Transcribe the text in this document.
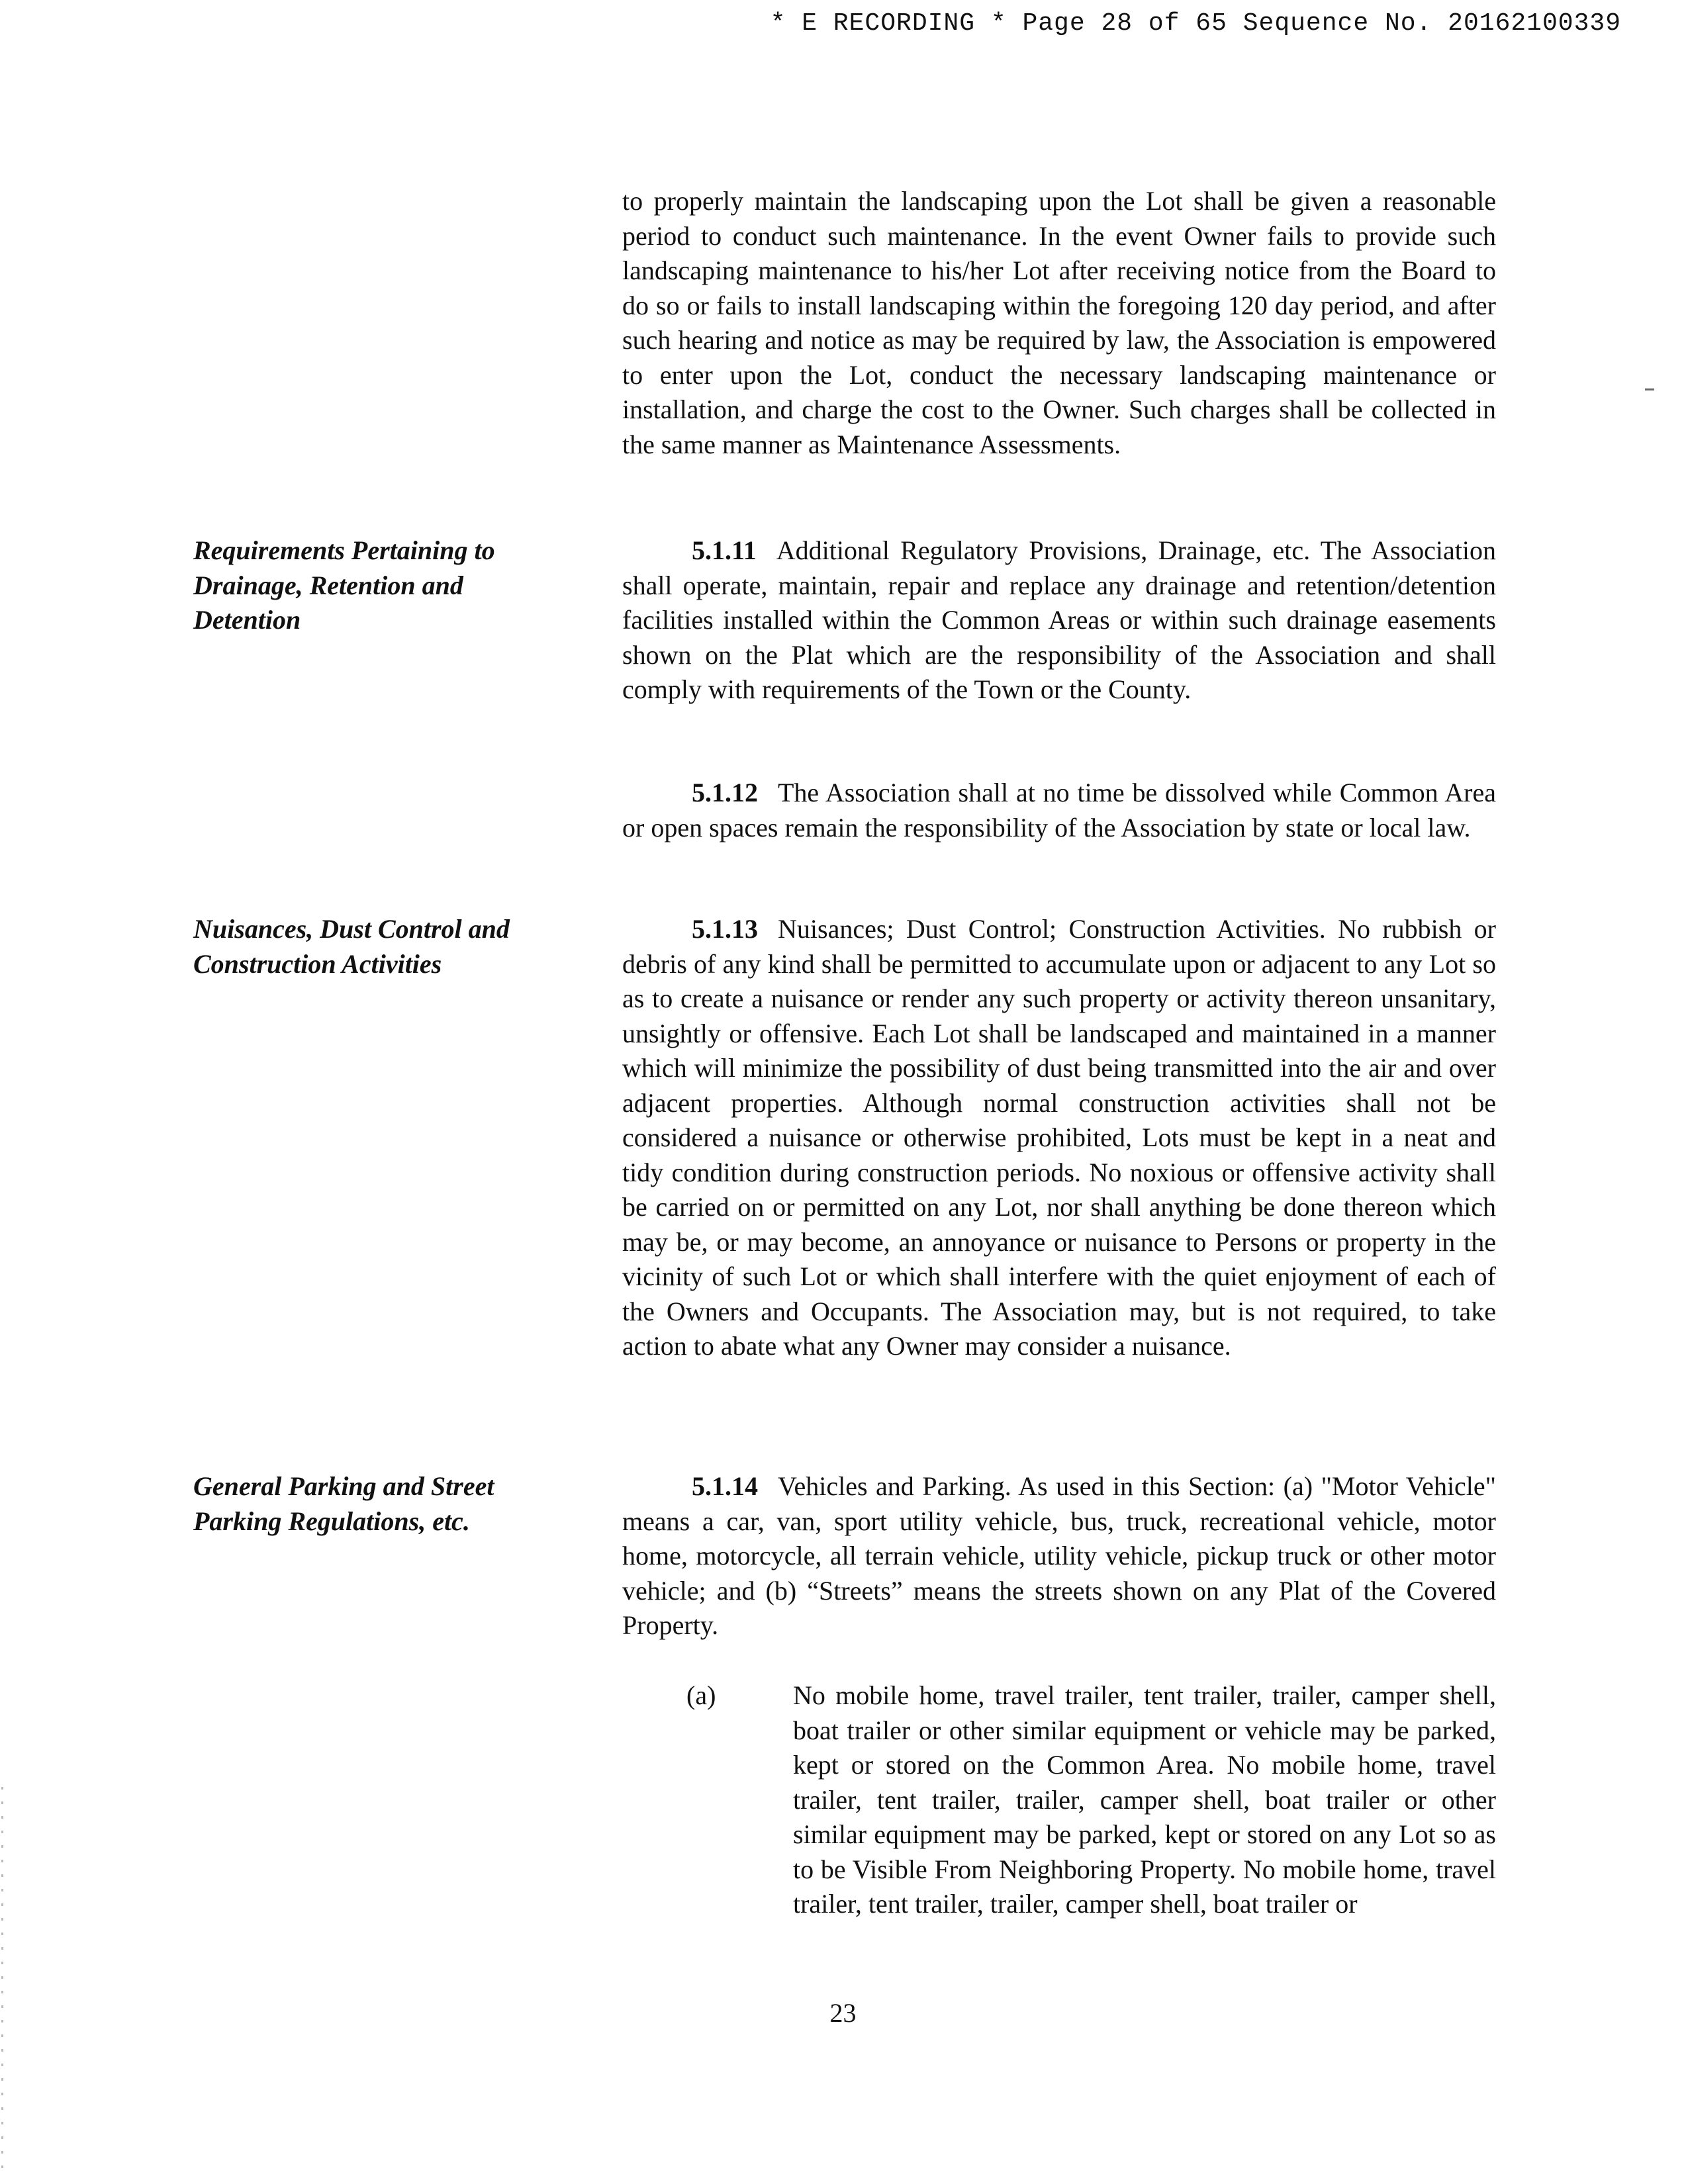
* E RECORDING * Page 28 of 65 Sequence No. 20162100339

to properly maintain the landscaping upon the Lot shall be given a reasonable period to conduct such maintenance. In the event Owner fails to provide such landscaping maintenance to his/her Lot after receiving notice from the Board to do so or fails to install landscaping within the foregoing 120 day period, and after such hearing and notice as may be required by law, the Association is empowered to enter upon the Lot, conduct the necessary landscaping maintenance or installation, and charge the cost to the Owner. Such charges shall be collected in the same manner as Maintenance Assessments.

Requirements Pertaining to Drainage, Retention and Detention

5.1.11 Additional Regulatory Provisions, Drainage, etc. The Association shall operate, maintain, repair and replace any drainage and retention/detention facilities installed within the Common Areas or within such drainage easements shown on the Plat which are the responsibility of the Association and shall comply with requirements of the Town or the County.

5.1.12 The Association shall at no time be dissolved while Common Area or open spaces remain the responsibility of the Association by state or local law.

Nuisances, Dust Control and Construction Activities

5.1.13 Nuisances; Dust Control; Construction Activities. No rubbish or debris of any kind shall be permitted to accumulate upon or adjacent to any Lot so as to create a nuisance or render any such property or activity thereon unsanitary, unsightly or offensive. Each Lot shall be landscaped and maintained in a manner which will minimize the possibility of dust being transmitted into the air and over adjacent properties. Although normal construction activities shall not be considered a nuisance or otherwise prohibited, Lots must be kept in a neat and tidy condition during construction periods. No noxious or offensive activity shall be carried on or permitted on any Lot, nor shall anything be done thereon which may be, or may become, an annoyance or nuisance to Persons or property in the vicinity of such Lot or which shall interfere with the quiet enjoyment of each of the Owners and Occupants. The Association may, but is not required, to take action to abate what any Owner may consider a nuisance.

General Parking and Street Parking Regulations, etc.

5.1.14 Vehicles and Parking. As used in this Section: (a) "Motor Vehicle" means a car, van, sport utility vehicle, bus, truck, recreational vehicle, motor home, motorcycle, all terrain vehicle, utility vehicle, pickup truck or other motor vehicle; and (b) “Streets” means the streets shown on any Plat of the Covered Property.

(a)	No mobile home, travel trailer, tent trailer, trailer, camper shell, boat trailer or other similar equipment or vehicle may be parked, kept or stored on the Common Area. No mobile home, travel trailer, tent trailer, trailer, camper shell, boat trailer or other similar equipment may be parked, kept or stored on any Lot so as to be Visible From Neighboring Property. No mobile home, travel trailer, tent trailer, trailer, camper shell, boat trailer or
23
